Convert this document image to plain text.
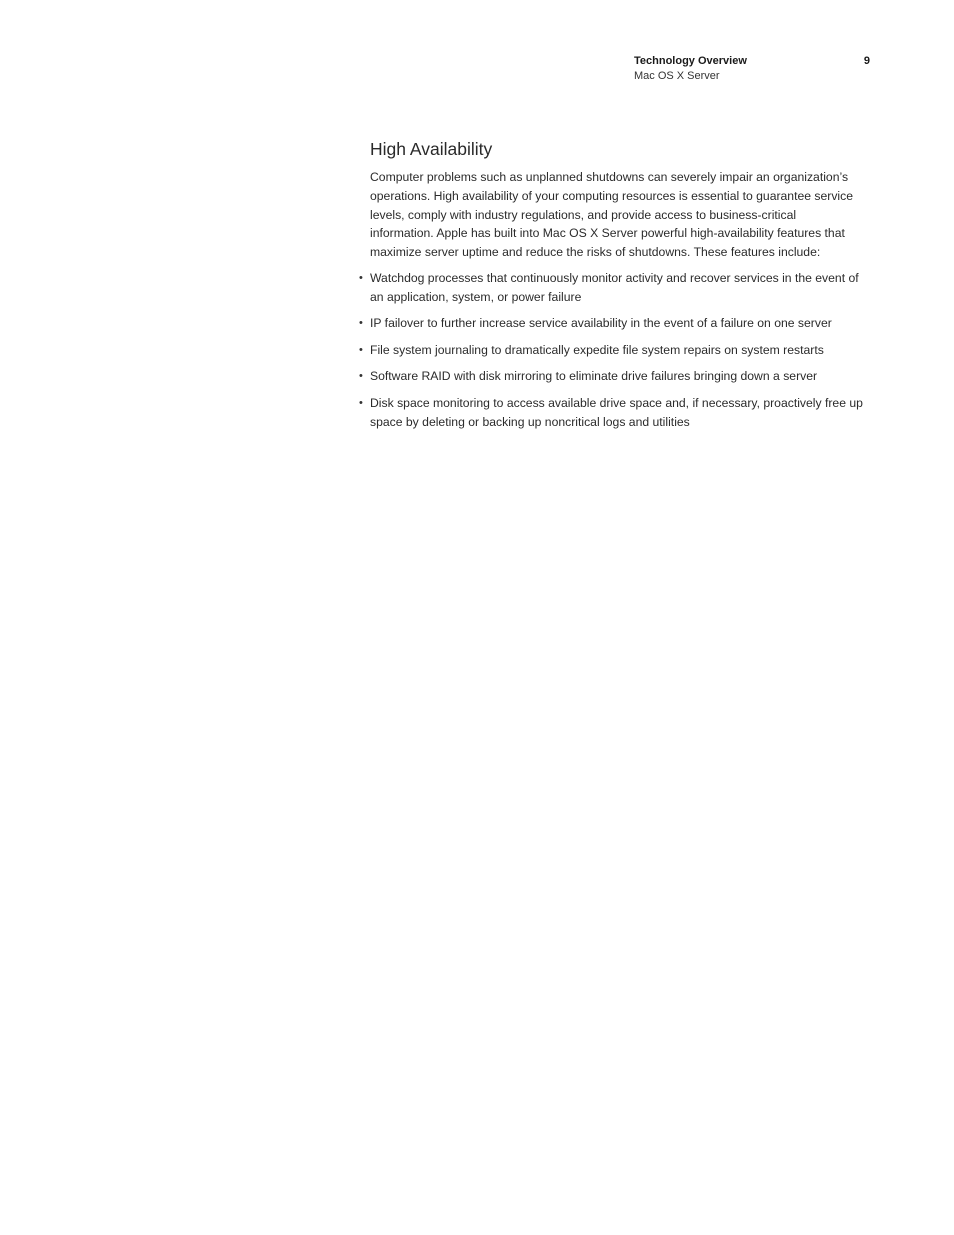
Technology Overview
Mac OS X Server
9
High Availability

Computer problems such as unplanned shutdowns can severely impair an organization’s operations. High availability of your computing resources is essential to guarantee service levels, comply with industry regulations, and provide access to business-critical information. Apple has built into Mac OS X Server powerful high-availability features that maximize server uptime and reduce the risks of shutdowns. These features include:

• Watchdog processes that continuously monitor activity and recover services in the event of an application, system, or power failure
• IP failover to further increase service availability in the event of a failure on one server
• File system journaling to dramatically expedite file system repairs on system restarts
• Software RAID with disk mirroring to eliminate drive failures bringing down a server
• Disk space monitoring to access available drive space and, if necessary, proactively free up space by deleting or backing up noncritical logs and utilities
